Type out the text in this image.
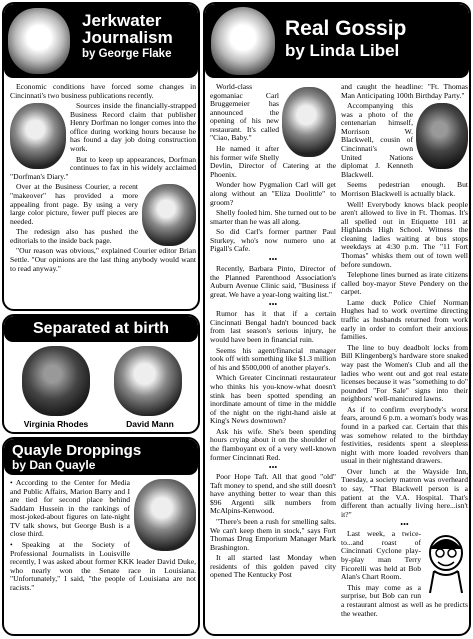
Jerkwater
Journalism
by George Flake

Economic conditions have forced some changes in Cincinnati's two business publications recently.

Sources inside the financially-strapped Business Record claim that publisher Henry Dorfman no longer comes into the office during working hours because he has found a day job doing construction work.

But to keep up appearances, Dorfman continues to fax in his widely acclaimed "Dorfman's Diary."

Over at the Business Courier, a recent "makeover" has provided a more appealing front page. By using a very large color picture, fewer puff pieces are needed.

The redesign also has pushed the editorials to the inside back page.

"Our reason was obvious," explained Courier editor Brian Settle. "Our opinions are the last thing anybody would want to read anyway."

Separated at birth
Virginia Rhodes	David Mann
Quayle Droppings
by Dan Quayle

• According to the Center for Media and Public Affairs, Marion Barry and I are tied for second place behind Saddam Hussein in the rankings of most-joked-about figures on late-night TV talk shows, but George Bush is a close third.

• Speaking at the Society of Professional Journalists in Louisville recently, I was asked about former KKK leader David Duke, who nearly won the Senate race in Louisiana. "Unfortunately," I said, "the people of Louisiana are not racists."

Real Gossip
by Linda Libel

World-class egomaniac Carl Bruggemeier has announced the opening of his new restaurant. It's called "Ciao, Baby."

He named it after his former wife Shelly Devlin, Director of Catering at the Phoenix.

Wonder how Pygmalion Carl will get along without an "Eliza Doolittle" to groom?

Shelly fooled him. She turned out to be smarter than he was all along.

So did Carl's former partner Paul Sturkey, who's now numero uno at Pigall's Cafe.

•••

Recently, Barbara Pinto, Director of the Planned Parenthood Association's Auburn Avenue Clinic said, "Business if great. We have a year-long waiting list."

•••

Rumor has it that if a certain Cincinnati Bengal hadn't bounced back from last season's serious injury, he would have been in financial ruin.

Seems his agent/financial manager took off with something like $1.3 million of his and $500,000 of another player's.

Which Greater Cincinnati restaurateur who thinks his you-know-what doesn't stink has been spotted spending an inordinate amount of time in the middle of the night on the right-hand aisle at King's News downtown?

Ask his wife. She's been spending hours crying about it on the shoulder of the flamboyant ex of a very well-known former Cincinnati Red.

•••

Poor Hope Taft. All that good "old" Taft money to spend, and she still doesn't have anything better to wear than this $96 Argenti silk numbers from McAlpins-Kenwood.

"There's been a rush for smelling salts. We can't keep them in stock," says Fort Thomas Drug Emporium Manager Mark Brashington.

It all started last Monday when residents of this golden paved city opened The Kentucky Post

and caught the headline: "Ft. Thomas Man Anticipating 100th Birthday Party."

Accompanying this was a photo of the centenarian himself, Morrison W. Blackwell, cousin of Cincinnati's own United Nations diplomat J. Kenneth Blackwell.

Seems pedestrian enough. But Morrison Blackwell is actually black.

Well! Everybody knows black people aren't allowed to live in Ft. Thomas. It's all spelled out in Etiquette 101 at Highlands High School. Witness the cleaning ladies waiting at bus stops weekdays at 4:30 p.m. The "11 Fort Thomas" whisks them out of town well before sundown.

Telephone lines burned as irate citizens called boy-mayor Steve Pendery on the carpet.

Lame duck Police Chief Norman Hughes had to work overtime directing traffic as husbands returned from work early in order to comfort their anxious families.

The line to buy deadbolt locks from Bill Klingenberg's hardware store snaked way past the Women's Club and all the ladies who went out and got real estate licenses because it was "something to do" pounded "For Sale" signs into their neighbors' well-manicured lawns.

As if to confirm everybody's worst fears, around 6 p.m. a woman's body was found in a parked car. Certain that this was somehow related to the birthday festivities, residents spent a sleepless night with more loaded revolvers than usual in their nightstand drawers.

Over lunch at the Wayside Inn, Tuesday, a society matron was overheard to say, "That Blackwell person is a patient at the V.A. Hospital. That's different than actually living here...isn't it?"

•••

Last week, a twice-to...and roast of Cincinnati Cyclone play-by-play man Terry Ficorelli was held at Bob Alan's Chart Room.

This may come as a surprise, but Bob can run a restaurant almost as well as he predicts the weather.
